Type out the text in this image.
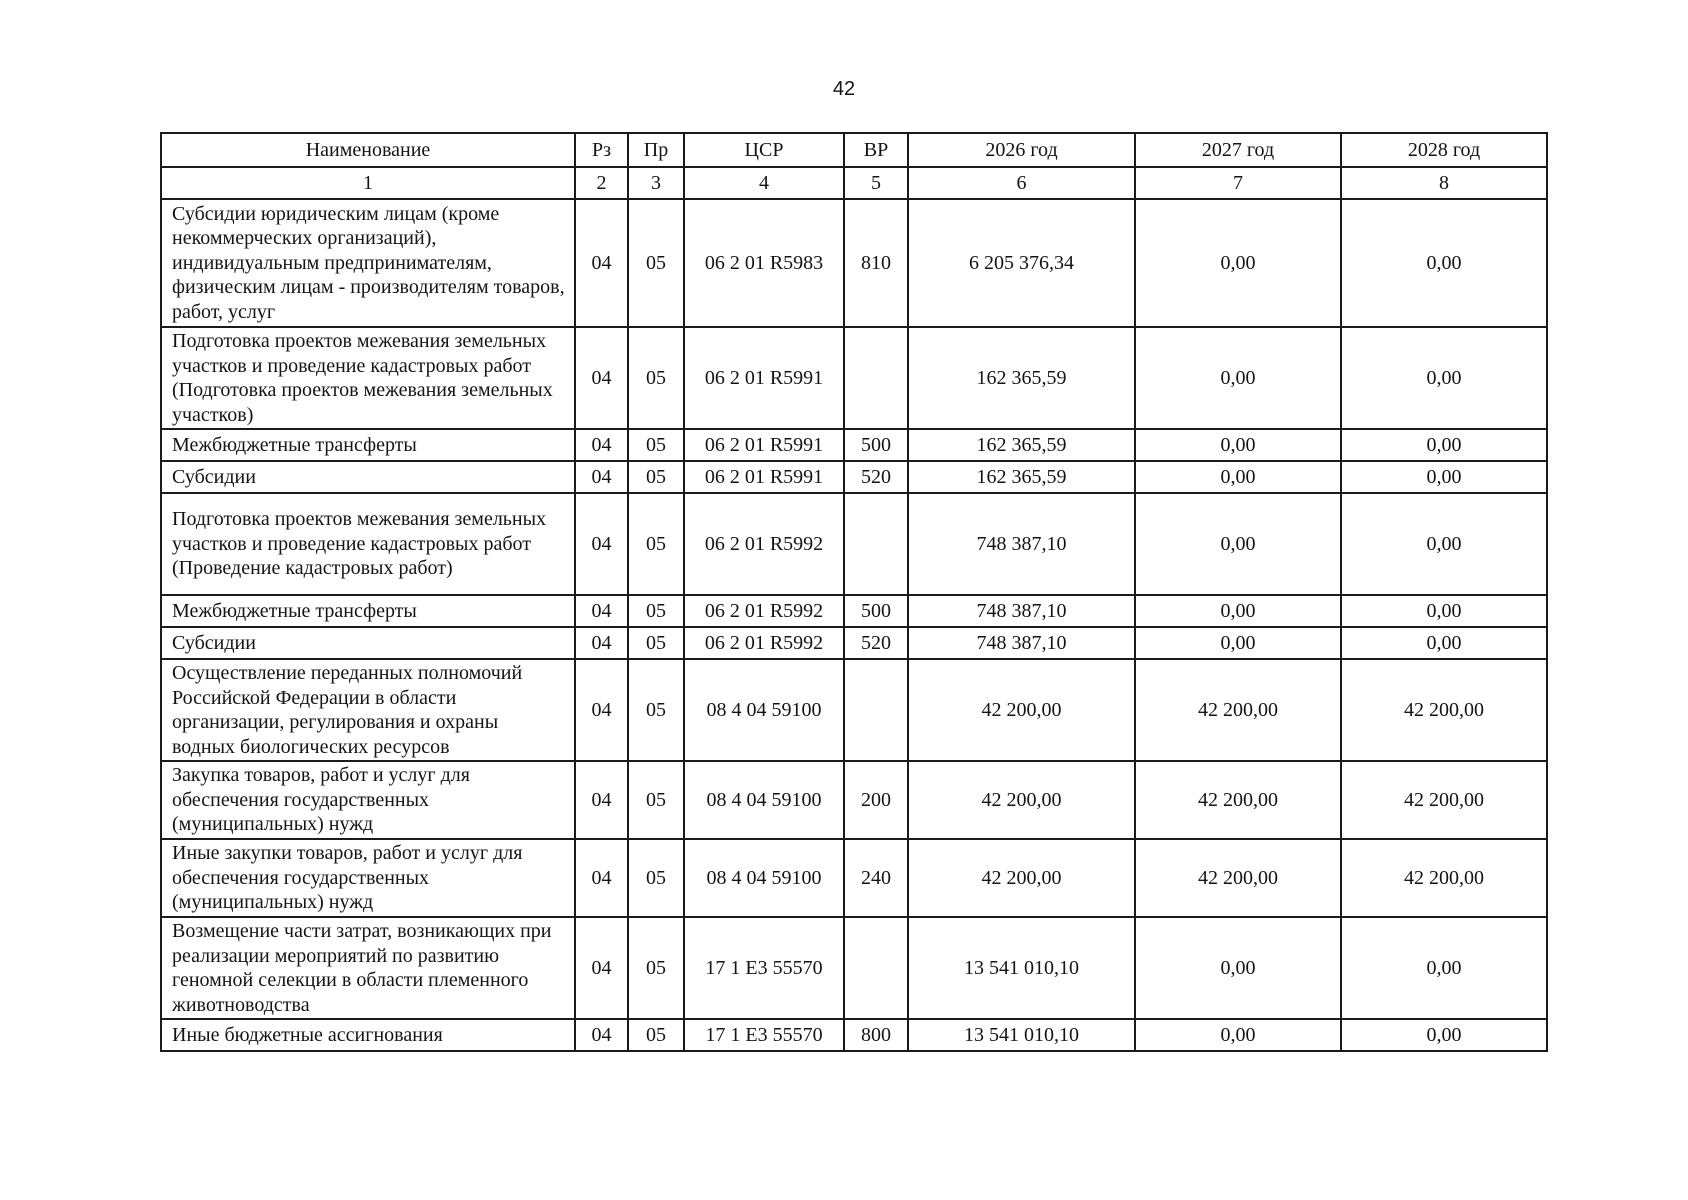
42
Наименование	Рз	Пр	ЦСР	ВР	2026 год	2027 год	2028 год
1	2	3	4	5	6	7	8
Субсидии юридическим лицам (кроме некоммерческих организаций), индивидуальным предпринимателям, физическим лицам - производителям товаров, работ, услуг	04	05	06 2 01 R5983	810	6 205 376,34	0,00	0,00
Подготовка проектов межевания земельных участков и проведение кадастровых работ (Подготовка проектов межевания земельных участков)	04	05	06 2 01 R5991		162 365,59	0,00	0,00
Межбюджетные трансферты	04	05	06 2 01 R5991	500	162 365,59	0,00	0,00
Субсидии	04	05	06 2 01 R5991	520	162 365,59	0,00	0,00
Подготовка проектов межевания земельных участков и проведение кадастровых работ (Проведение кадастровых работ)	04	05	06 2 01 R5992		748 387,10	0,00	0,00
Межбюджетные трансферты	04	05	06 2 01 R5992	500	748 387,10	0,00	0,00
Субсидии	04	05	06 2 01 R5992	520	748 387,10	0,00	0,00
Осуществление переданных полномочий Российской Федерации в области организации, регулирования и охраны водных биологических ресурсов	04	05	08 4 04 59100		42 200,00	42 200,00	42 200,00
Закупка товаров, работ и услуг для обеспечения государственных (муниципальных) нужд	04	05	08 4 04 59100	200	42 200,00	42 200,00	42 200,00
Иные закупки товаров, работ и услуг для обеспечения государственных (муниципальных) нужд	04	05	08 4 04 59100	240	42 200,00	42 200,00	42 200,00
Возмещение части затрат, возникающих при реализации мероприятий по развитию геномной селекции в области племенного животноводства	04	05	17 1 E3 55570		13 541 010,10	0,00	0,00
Иные бюджетные ассигнования	04	05	17 1 E3 55570	800	13 541 010,10	0,00	0,00
